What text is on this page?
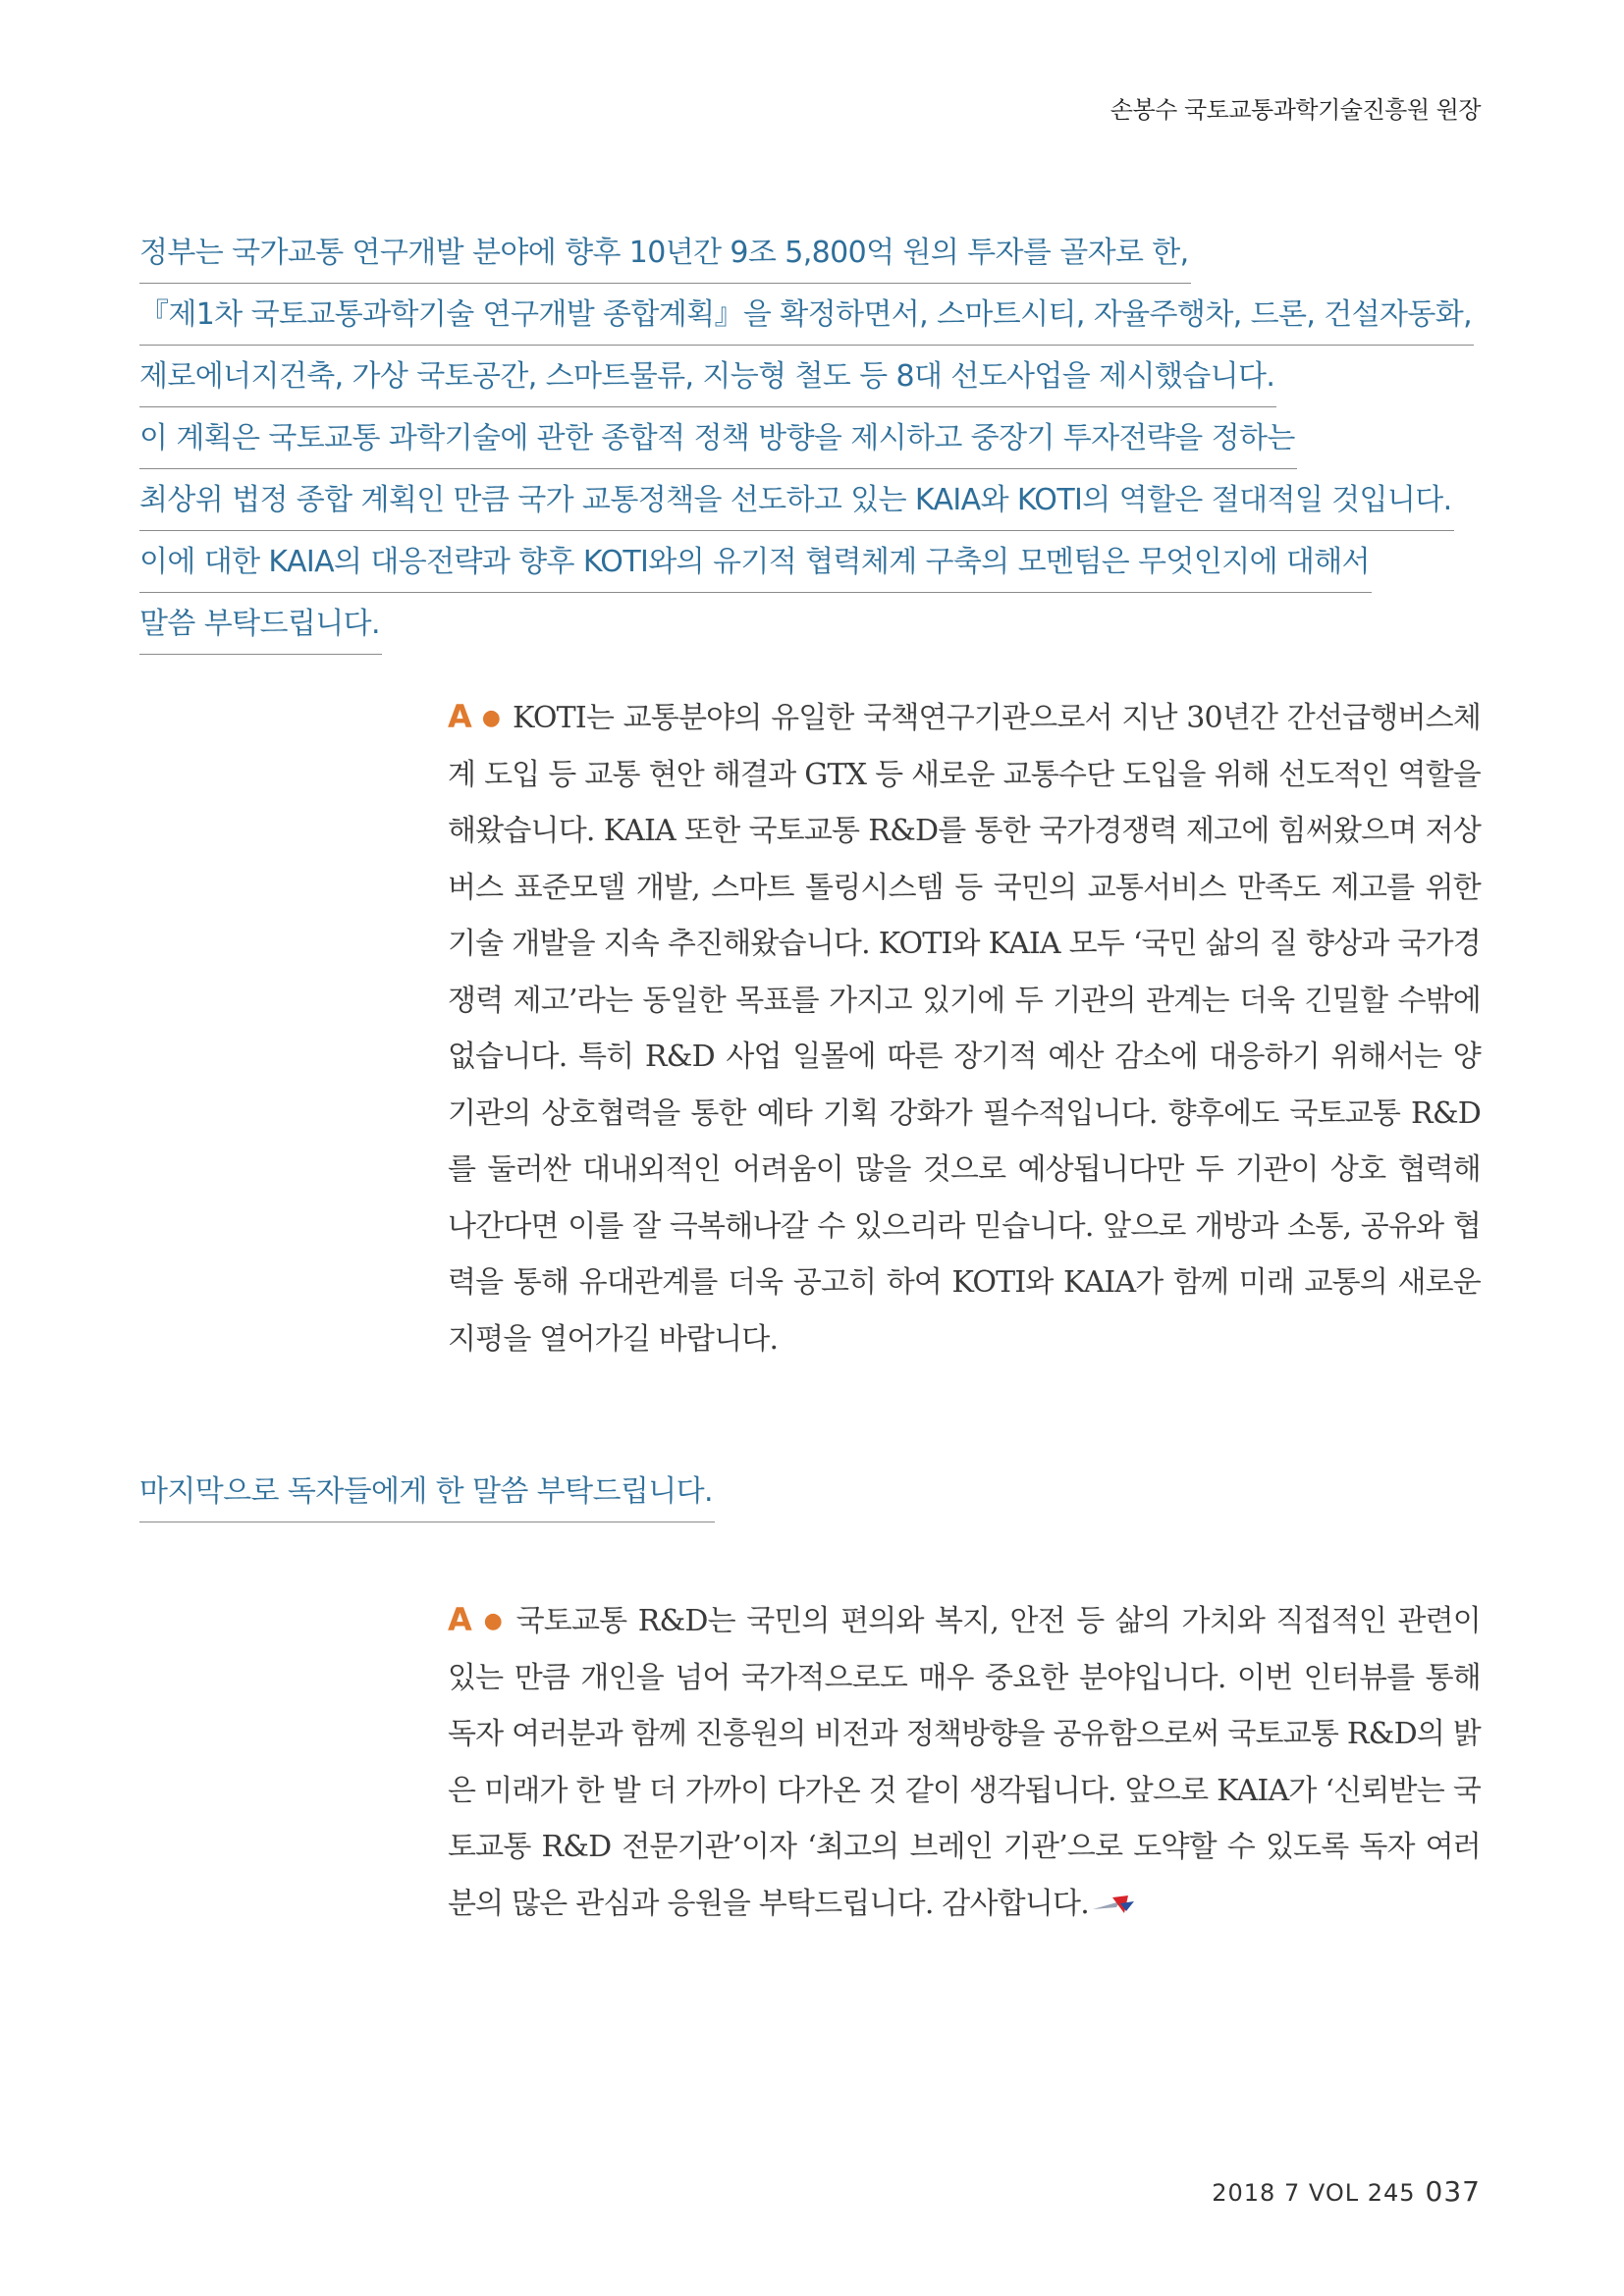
손봉수 국토교통과학기술진흥원 원장
정부는 국가교통 연구개발 분야에 향후 10년간 9조 5,800억 원의 투자를 골자로 한,
『제1차 국토교통과학기술 연구개발 종합계획』을 확정하면서, 스마트시티, 자율주행차, 드론, 건설자동화,
제로에너지건축, 가상 국토공간, 스마트물류, 지능형 철도 등 8대 선도사업을 제시했습니다.
이 계획은 국토교통 과학기술에 관한 종합적 정책 방향을 제시하고 중장기 투자전략을 정하는
최상위 법정 종합 계획인 만큼 국가 교통정책을 선도하고 있는 KAIA와 KOTI의 역할은 절대적일 것입니다.
이에 대한 KAIA의 대응전략과 향후 KOTI와의 유기적 협력체계 구축의 모멘텀은 무엇인지에 대해서
말씀 부탁드립니다.
A ● KOTI는 교통분야의 유일한 국책연구기관으로서 지난 30년간 간선급행버스체계 도입 등 교통 현안 해결과 GTX 등 새로운 교통수단 도입을 위해 선도적인 역할을 해왔습니다. KAIA 또한 국토교통 R&D를 통한 국가경쟁력 제고에 힘써왔으며 저상버스 표준모델 개발, 스마트 톨링시스템 등 국민의 교통서비스 만족도 제고를 위한 기술 개발을 지속 추진해왔습니다. KOTI와 KAIA 모두 ‘국민 삶의 질 향상과 국가경쟁력 제고’라는 동일한 목표를 가지고 있기에 두 기관의 관계는 더욱 긴밀할 수밖에 없습니다. 특히 R&D 사업 일몰에 따른 장기적 예산 감소에 대응하기 위해서는 양 기관의 상호협력을 통한 예타 기획 강화가 필수적입니다. 향후에도 국토교통 R&D를 둘러싼 대내외적인 어려움이 많을 것으로 예상됩니다만 두 기관이 상호 협력해 나간다면 이를 잘 극복해나갈 수 있으리라 믿습니다. 앞으로 개방과 소통, 공유와 협력을 통해 유대관계를 더욱 공고히 하여 KOTI와 KAIA가 함께 미래 교통의 새로운 지평을 열어가길 바랍니다.
마지막으로 독자들에게 한 말씀 부탁드립니다.
A ● 국토교통 R&D는 국민의 편의와 복지, 안전 등 삶의 가치와 직접적인 관련이 있는 만큼 개인을 넘어 국가적으로도 매우 중요한 분야입니다. 이번 인터뷰를 통해 독자 여러분과 함께 진흥원의 비전과 정책방향을 공유함으로써 국토교통 R&D의 밝은 미래가 한 발 더 가까이 다가온 것 같이 생각됩니다. 앞으로 KAIA가 ‘신뢰받는 국토교통 R&D 전문기관’이자 ‘최고의 브레인 기관’으로 도약할 수 있도록 독자 여러분의 많은 관심과 응원을 부탁드립니다. 감사합니다.
2018 7 VOL 245 037
